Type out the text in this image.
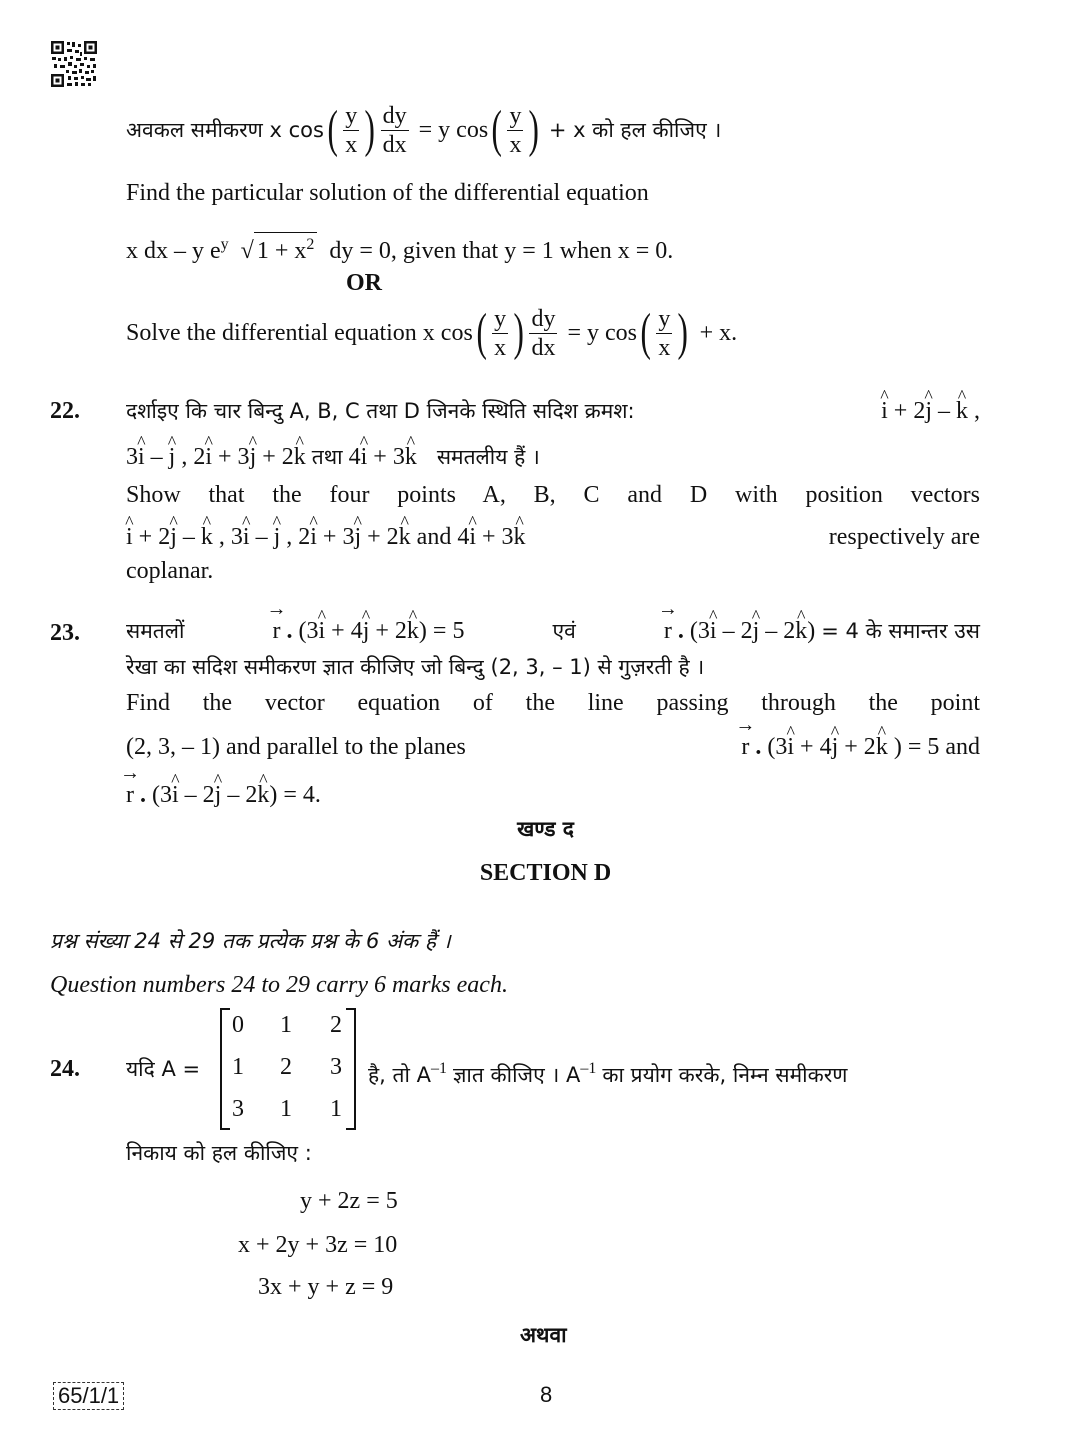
अवकल समीकरण x cos ( $\frac{y}{x}$ ) $\frac{dy}{dx} = y$ cos ( $\frac{y}{x}$ ) + x को हल कीजिए ।
Find the particular solution of the differential equation
x dx – y $e^y$ √ $1 + x^2$ dy = 0, given that y = 1 when x = 0.
OR
Solve the differential equation x cos ( $\frac{y}{x}$ ) $\frac{dy}{dx} = y$ cos ( $\frac{y}{x}$ ) + x.
22. दर्शाइए कि चार बिन्दु A, B, C तथा D जिनके स्थिति सदिश क्रमश:	^ i + 2^ j – ^ k ,
3^ i – ^ j , 2^ i + 3^ j + 2^ k तथा 4^ i + 3^ k समतलीय हैं ।
Show that the four points A, B, C and D with position vectors
^ i + 2^ j – ^ k , 3^ i – ^ j , 2^ i + 3^ j + 2^ k and 4^ i + 3^ k	respectively are
coplanar.
23. समतलों	→ r . (3^ i + 4^ j + 2^ k) = 5	एवं	→ r . (3^ i – 2^ j – 2^ k) = 4 के समान्तर उस
रेखा का सदिश समीकरण ज्ञात कीजिए जो बिन्दु (2, 3, – 1) से गुज़रती है ।
Find the vector equation of the line passing through the point
(2, 3, – 1) and parallel to the planes	→ r . (3^ i + 4^ j + 2^ k ) = 5 and
→ r . (3^ i – 2^ j – 2^ k) = 4.
खण्ड द
SECTION D
प्रश्न संख्या 24 से 29 तक प्रत्येक प्रश्न के 6 अंक हैं ।
Question numbers 24 to 29 carry 6 marks each.
24. यदि A =
0 1 2
1 2 3
3 1 1
है, तो $A^{-1}$ ज्ञात कीजिए । $A^{-1}$ का प्रयोग करके, निम्न समीकरण
निकाय को हल कीजिए :
y + 2z = 5
x + 2y + 3z = 10
3x + y + z = 9
अथवा
65/1/1	8
